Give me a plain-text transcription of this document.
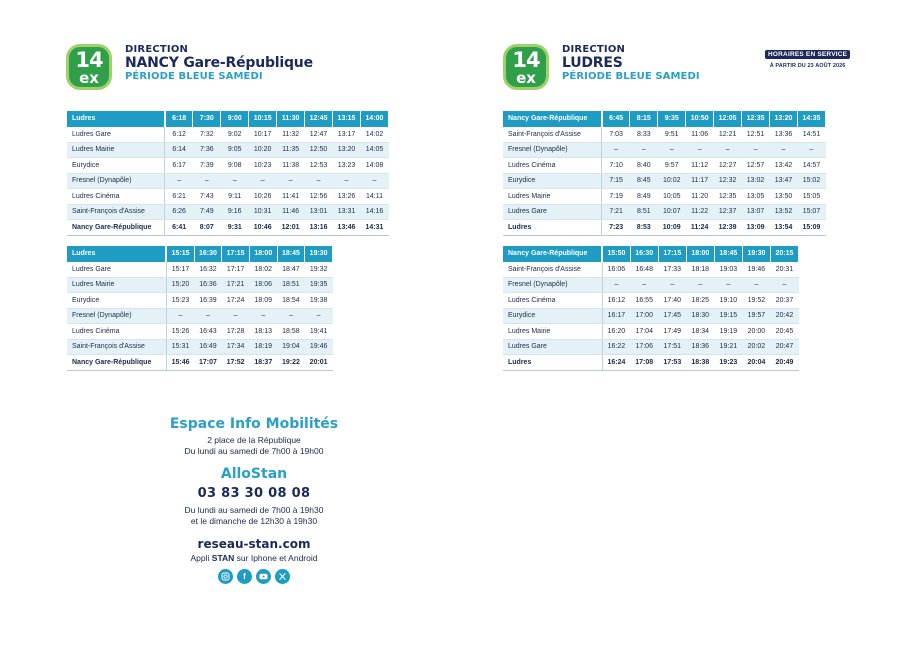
14
ex
DIRECTION
NANCY Gare-République
PÉRIODE BLEUE SAMEDI
14
ex
DIRECTION
LUDRES
PÉRIODE BLEUE SAMEDI
HORAIRES EN SERVICE
À PARTIR DU 23 AOÛT 2026
Ludres	6:18	7:30	9:00	10:15	11:30	12:45	13:15	14:00
Ludres Gare	6:12	7:32	9:02	10:17	11:32	12:47	13:17	14:02
Ludres Mairie	6:14	7:36	9:05	10:20	11:35	12:50	13:20	14:05
Eurydice	6:17	7:39	9:08	10:23	11:38	12:53	13:23	14:08
Fresnel (Dynapôle)	–	–	–	–	–	–	–	–
Ludres Cinéma	6:21	7:43	9:11	10:26	11:41	12:56	13:26	14:11
Saint-François d'Assise	6:26	7:49	9:16	10:31	11:46	13:01	13:31	14:16
Nancy Gare-République	6:41	8:07	9:31	10:46	12:01	13:16	13:46	14:31
Ludres	15:15	16:30	17:15	18:00	18:45	19:30
Ludres Gare	15:17	16:32	17:17	18:02	18:47	19:32
Ludres Mairie	15:20	16:36	17:21	18:06	18:51	19:35
Eurydice	15:23	16:39	17:24	18:09	18:54	19:38
Fresnel (Dynapôle)	–	–	–	–	–	–
Ludres Cinéma	15:26	16:43	17:28	18:13	18:58	19:41
Saint-François d'Assise	15:31	16:49	17:34	18:19	19:04	19:46
Nancy Gare-République	15:46	17:07	17:52	18:37	19:22	20:01
Nancy Gare-République	6:45	8:15	9:35	10:50	12:05	12:35	13:20	14:35
Saint-François d'Assise	7:03	8:33	9:51	11:06	12:21	12:51	13:36	14:51
Fresnel (Dynapôle)	–	–	–	–	–	–	–	–
Ludres Cinéma	7:10	8:40	9:57	11:12	12:27	12:57	13:42	14:57
Eurydice	7:15	8:45	10:02	11:17	12:32	13:02	13:47	15:02
Ludres Mairie	7:19	8:49	10:05	11:20	12:35	13:05	13:50	15:05
Ludres Gare	7:21	8:51	10:07	11:22	12:37	13:07	13:52	15:07
Ludres	7:23	8:53	10:09	11:24	12:39	13:09	13:54	15:09
Nancy Gare-République	15:50	16:30	17:15	18:00	18:45	19:30	20:15
Saint-François d'Assise	16:06	16:48	17:33	18:18	19:03	19:46	20:31
Fresnel (Dynapôle)	–	–	–	–	–	–	–
Ludres Cinéma	16:12	16:55	17:40	18:25	19:10	19:52	20:37
Eurydice	16:17	17:00	17:45	18:30	19:15	19:57	20:42
Ludres Mairie	16:20	17:04	17:49	18:34	19:19	20:00	20:45
Ludres Gare	16:22	17:06	17:51	18:36	19:21	20:02	20:47
Ludres	16:24	17:08	17:53	18:38	19:23	20:04	20:49
Espace Info Mobilités
2 place de la République
Du lundi au samedi de 7h00 à 19h00
AlloStan
03 83 30 08 08
Du lundi au samedi de 7h00 à 19h30
et le dimanche de 12h30 à 19h30
reseau-stan.com
Appli STAN sur Iphone et Android
f
